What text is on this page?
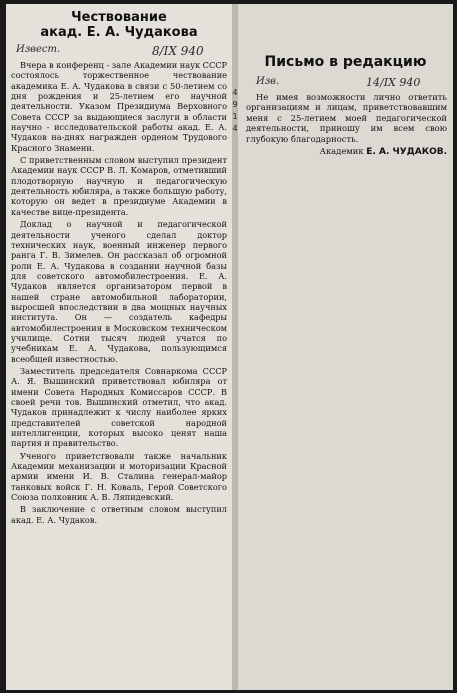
Чествование
акад. Е. А. Чудакова
Извест.	8/IX 940

Вчера в конференц - зале Академии наук СССР состоялось торжественное чествование академика Е. А. Чудакова в связи с 50-летием со дня рождения и 25-летием его научной деятельности. Указом Президиума Верховного Совета СССР за выдающиеся заслуги в области научно - исследовательской работы акад. Е. А. Чудаков на-днях награжден орденом Трудового Красного Знамени.

С приветственным словом выступил президент Академии наук СССР В. Л. Комаров, отметивший плодотворную научную и педагогическую деятельность юбиляра, а также большую работу, которую он ведет в президиуме Академии в качестве вице-президента.

Доклад о научной и педагогической деятельности ученого сделал доктор технических наук, военный инженер первого ранга Г. В. Зимелев. Он рассказал об огромной роли Е. А. Чудакова в создании научной базы для советского автомобилестроения. Е. А. Чудаков является организатором первой в нашей стране автомобильной лаборатории, выросшей впоследствии в два мощных научных института. Он — создатель кафедры автомобилестроения в Московском техническом училище. Сотни тысяч людей учатся по учебникам Е. А. Чудакова, пользующимся всеобщей известностью.

Заместитель председателя Совнаркома СССР А. Я. Вышинский приветствовал юбиляра от имени Совета Народных Комиссаров СССР. В своей речи тов. Вышинский отметил, что акад. Чудаков принадлежит к числу наиболее ярких представителей советской народной интеллигенции, которых высоко ценят наша партия и правительство.

Ученого приветствовали также начальник Академии механизации и моторизации Красной армии имени И. В. Сталина генерал-майор танковых войск Г. Н. Коваль, Герой Советского Союза полковник А. В. Ляпидевский.

В заключение с ответным словом выступил акад. Е. А. Чудаков.

4
9
1
4
Письмо в редакцию
Изв.	14/IX 940

Не имея возможности лично ответить организациям и лицам, приветствовавшим меня с 25-летием моей педагогической деятельности, приношу им всем свою глубокую благодарность.

Академик Е. А. ЧУДАКОВ.
